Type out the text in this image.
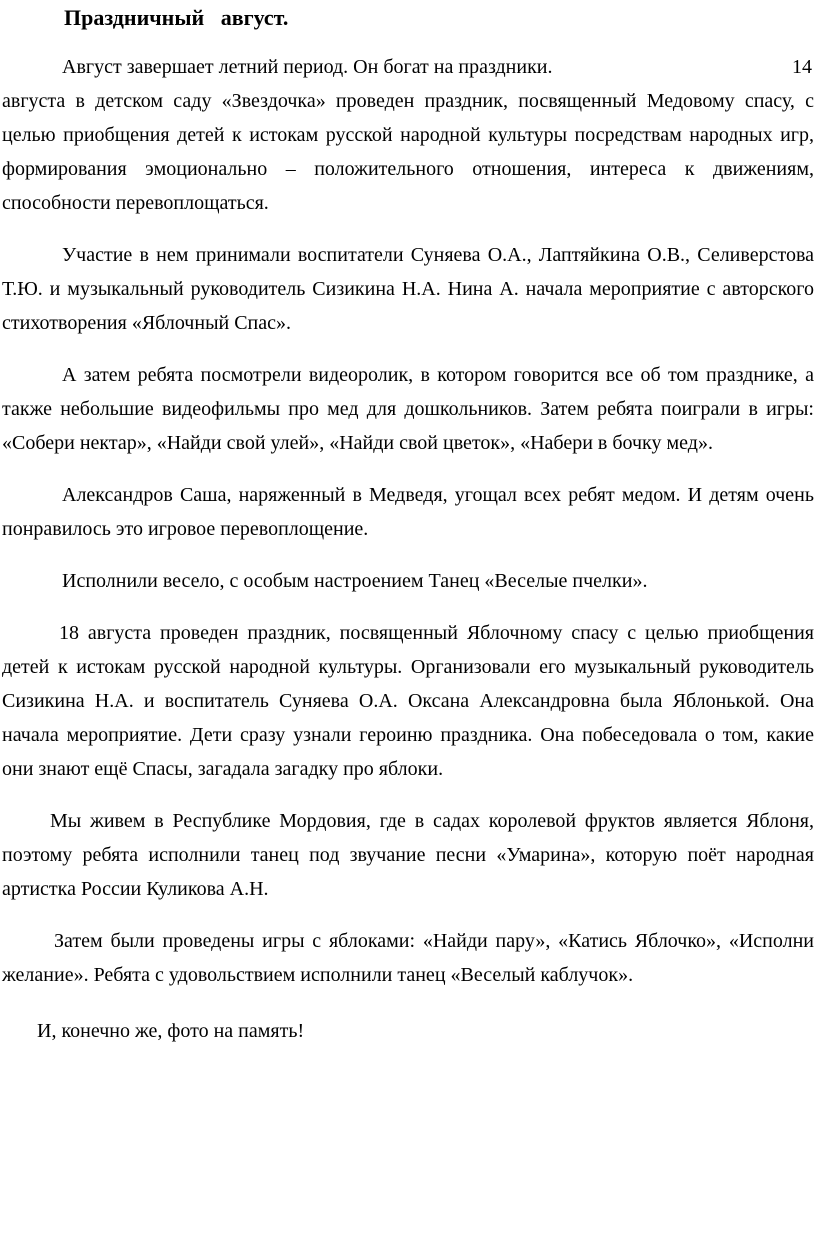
Праздничный   август.
Август завершает летний период. Он богат на праздники.	14
августа в детском саду «Звездочка» проведен праздник, посвященный Медовому спасу, с целью приобщения детей к истокам русской народной культуры посредствам народных игр, формирования эмоционально – положительного отношения, интереса к движениям, способности перевоплощаться.
Участие в нем принимали воспитатели Суняева О.А., Лаптяйкина О.В., Селиверстова Т.Ю. и музыкальный руководитель Сизикина Н.А. Нина А. начала мероприятие с авторского стихотворения «Яблочный Спас».
А затем ребята посмотрели видеоролик, в котором говорится все об том празднике, а также небольшие видеофильмы про мед для дошкольников. Затем ребята поиграли в игры: «Собери нектар», «Найди свой улей», «Найди свой цветок», «Набери в бочку мед».
Александров Саша, наряженный в Медведя, угощал всех ребят медом. И детям очень понравилось это игровое перевоплощение.
Исполнили весело, с особым настроением Танец «Веселые пчелки».
18 августа проведен праздник, посвященный Яблочному спасу с целью приобщения детей к истокам русской народной культуры. Организовали его музыкальный руководитель Сизикина Н.А. и воспитатель Суняева О.А. Оксана Александровна была Яблонькой. Она начала мероприятие. Дети сразу узнали героиню праздника. Она побеседовала о том, какие они знают ещё Спасы, загадала загадку про яблоки.
Мы живем в Республике Мордовия, где в садах королевой фруктов является Яблоня, поэтому ребята исполнили танец под звучание песни «Умарина», которую поёт народная артистка России Куликова А.Н.
Затем были проведены игры с яблоками: «Найди пару», «Катись Яблочко», «Исполни желание». Ребята с удовольствием исполнили танец «Веселый каблучок».
И, конечно же, фото на память!
